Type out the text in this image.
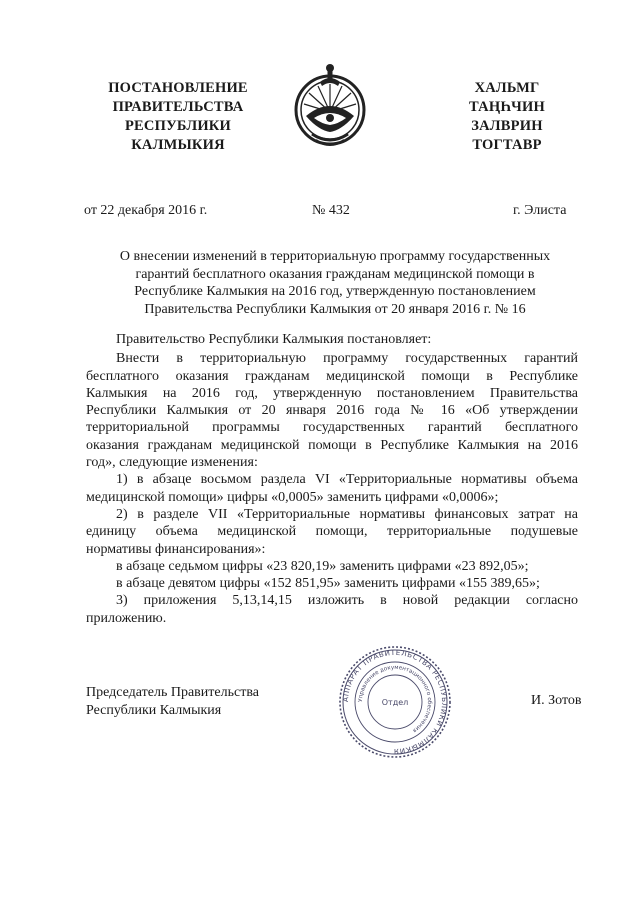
ПОСТАНОВЛЕНИЕ
ПРАВИТЕЛЬСТВА
РЕСПУБЛИКИ
КАЛМЫКИЯ
ХАЛЬМГ
ТАҢҺЧИН
ЗАЛВРИН
ТОГТАВР
от 22 декабря 2016 г.	№ 432	г. Элиста
О внесении изменений в территориальную программу государственных
гарантий бесплатного оказания гражданам медицинской помощи в
Республике Калмыкия на 2016 год, утвержденную постановлением
Правительства Республики Калмыкия от 20 января 2016 г. № 16

Правительство Республики Калмыкия постановляет:

Внести в территориальную программу государственных гарантий

бесплатного оказания гражданам медицинской помощи в Республике

Калмыкия на 2016 год, утвержденную постановлением Правительства

Республики Калмыкия от 20 января 2016 года № 16 «Об утверждении

территориальной программы государственных гарантий бесплатного

оказания гражданам медицинской помощи в Республике Калмыкия на 2016

год», следующие изменения:

1) в абзаце восьмом раздела VI «Территориальные нормативы объема

медицинской помощи» цифры «0,0005» заменить цифрами «0,0006»;

2) в разделе VII «Территориальные нормативы финансовых затрат на

единицу объема медицинской помощи, территориальные подушевые

нормативы финансирования»:

в абзаце седьмом цифры «23 820,19» заменить цифрами «23 892,05»;

в абзаце девятом цифры «152 851,95» заменить цифрами «155 389,65»;

3) приложения 5,13,14,15 изложить в новой редакции согласно

приложению.

Председатель Правительства
Республики Калмыкия
АППАРАТ ПРАВИТЕЛЬСТВА РЕСПУБЛИКИ КАЛМЫКИЯ
Управление документационного обеспечения
Отдел	И. Зотов
